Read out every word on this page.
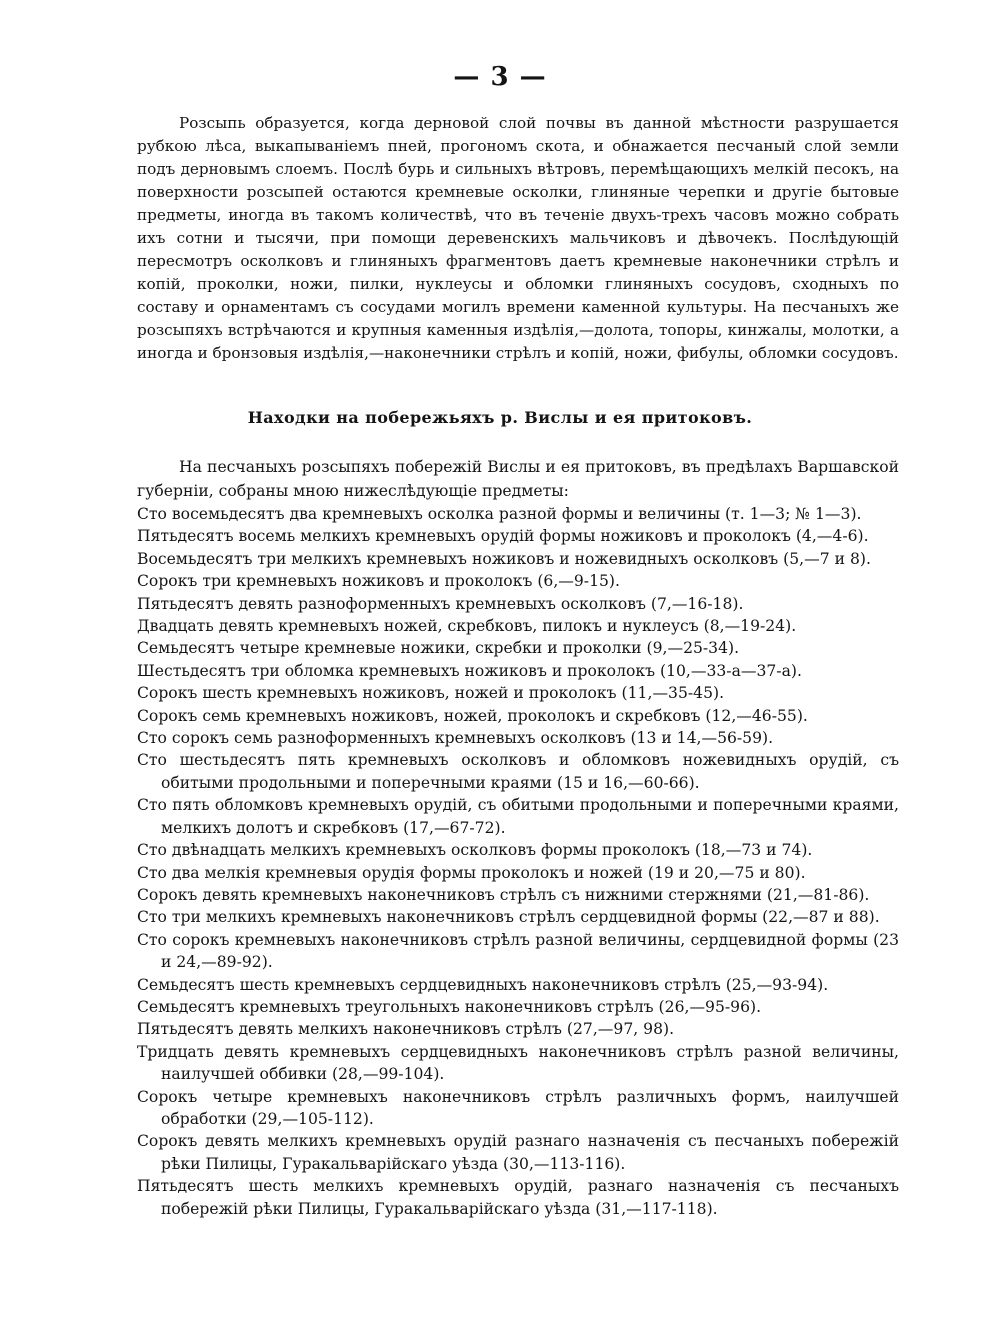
— 3 —

Розсыпь образуется, когда дерновой слой почвы въ данной мѣстности разрушается рубкою лѣса, выкапываніемъ пней, прогономъ скота, и обнажается песчаный слой земли подъ дерновымъ слоемъ. Послѣ бурь и сильныхъ вѣтровъ, перемѣщающихъ мелкій песокъ, на поверхности розсыпей остаются кремневые осколки, глиняные черепки и другіе бытовые предметы, иногда въ такомъ количествѣ, что въ теченіе двухъ-трехъ часовъ можно собрать ихъ сотни и тысячи, при помощи деревенскихъ мальчиковъ и дѣвочекъ. Послѣдующій пересмотръ осколковъ и глиняныхъ фрагментовъ даетъ кремневые наконечники стрѣлъ и копій, проколки, ножи, пилки, нуклеусы и обломки глиняныхъ сосудовъ, сходныхъ по составу и орнаментамъ съ сосудами могилъ времени каменной культуры. На песчаныхъ же розсыпяхъ встрѣчаются и крупныя каменныя издѣлія,—долота, топоры, кинжалы, молотки, а иногда и бронзовыя издѣлія,—наконечники стрѣлъ и копій, ножи, фибулы, обломки сосудовъ.

Находки на побережьяхъ р. Вислы и ея притоковъ.

На песчаныхъ розсыпяхъ побережій Вислы и ея притоковъ, въ предѣлахъ Варшавской губерніи, собраны мною нижеслѣдующіе предметы:

Сто восемьдесятъ два кремневыхъ осколка разной формы и величины (т. 1—3; № 1—3).
Пятьдесятъ восемь мелкихъ кремневыхъ орудій формы ножиковъ и проколокъ (4,—4-6).
Восемьдесятъ три мелкихъ кремневыхъ ножиковъ и ножевидныхъ осколковъ (5,—7 и 8).
Сорокъ три кремневыхъ ножиковъ и проколокъ (6,—9-15).
Пятьдесятъ девять разноформенныхъ кремневыхъ осколковъ (7,—16-18).
Двадцать девять кремневыхъ ножей, скребковъ, пилокъ и нуклеусъ (8,—19-24).
Семьдесятъ четыре кремневые ножики, скребки и проколки (9,—25-34).
Шестьдесятъ три обломка кремневыхъ ножиковъ и проколокъ (10,—33-а—37-а).
Сорокъ шесть кремневыхъ ножиковъ, ножей и проколокъ (11,—35-45).
Сорокъ семь кремневыхъ ножиковъ, ножей, проколокъ и скребковъ (12,—46-55).
Сто сорокъ семь разноформенныхъ кремневыхъ осколковъ (13 и 14,—56-59).
Сто шестьдесятъ пять кремневыхъ осколковъ и обломковъ ножевидныхъ орудій, съ обитыми продольными и поперечными краями (15 и 16,—60-66).
Сто пять обломковъ кремневыхъ орудій, съ обитыми продольными и поперечными краями, мелкихъ долотъ и скребковъ (17,—67-72).
Сто двѣнадцать мелкихъ кремневыхъ осколковъ формы проколокъ (18,—73 и 74).
Сто два мелкія кремневыя орудія формы проколокъ и ножей (19 и 20,—75 и 80).
Сорокъ девять кремневыхъ наконечниковъ стрѣлъ съ нижними стержнями (21,—81-86).
Сто три мелкихъ кремневыхъ наконечниковъ стрѣлъ сердцевидной формы (22,—87 и 88).
Сто сорокъ кремневыхъ наконечниковъ стрѣлъ разной величины, сердцевидной формы (23 и 24,—89-92).
Семьдесятъ шесть кремневыхъ сердцевидныхъ наконечниковъ стрѣлъ (25,—93-94).
Семьдесятъ кремневыхъ треугольныхъ наконечниковъ стрѣлъ (26,—95-96).
Пятьдесятъ девять мелкихъ наконечниковъ стрѣлъ (27,—97, 98).
Тридцать девять кремневыхъ сердцевидныхъ наконечниковъ стрѣлъ разной величины, наилучшей оббивки (28,—99-104).
Сорокъ четыре кремневыхъ наконечниковъ стрѣлъ различныхъ формъ, наилучшей обработки (29,—105-112).
Сорокъ девять мелкихъ кремневыхъ орудій разнаго назначенія съ песчаныхъ побережій рѣки Пилицы, Гуракальварійскаго уѣзда (30,—113-116).
Пятьдесятъ шесть мелкихъ кремневыхъ орудій, разнаго назначенія съ песчаныхъ побережій рѣки Пилицы, Гуракальварійскаго уѣзда (31,—117-118).
